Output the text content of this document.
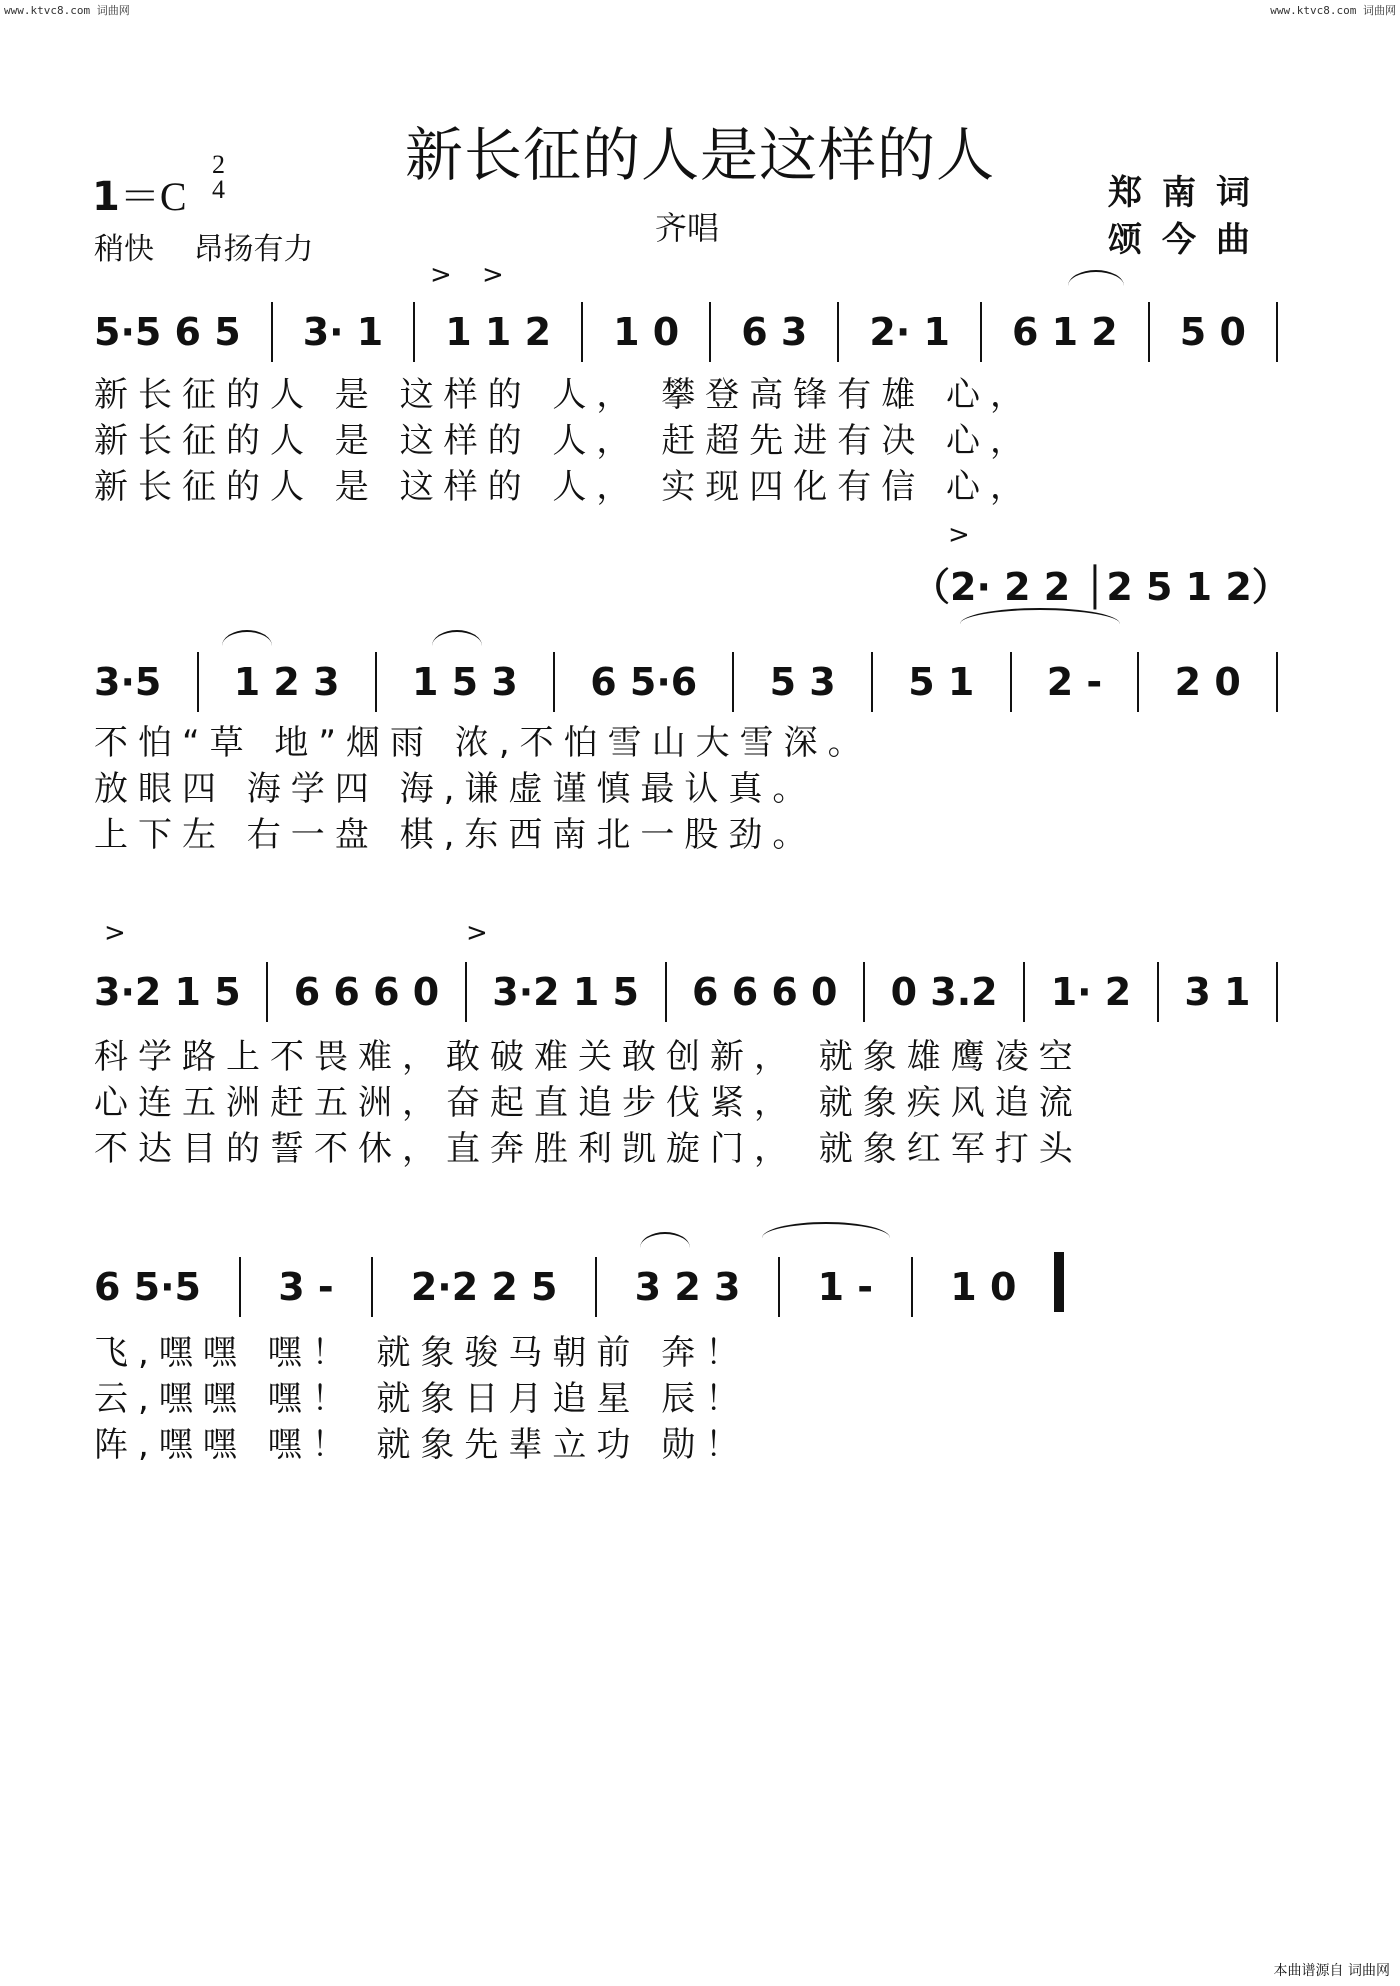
www.ktvc8.com 词曲网	www.ktvc8.com 词曲网
新长征的人是这样的人
1＝C
2
4
稍快 昂扬有力
齐唱
郑南词
颂今曲
5·5 6 5 3· 1 1 1 2 1 0 6 3 2· 1 6 1 2 5 0
> >
新长征的人 是 这样的 人， 攀登高锋有雄 心，
新长征的人 是 这样的 人， 赶超先进有决 心，
新长征的人 是 这样的 人， 实现四化有信 心，
（2· 2 2 │2 5 1 2）
>
3·5 1 2 3 1 5 3 6 5·6 5 3 5 1 2 - 2 0
不怕“草 地”烟雨 浓,不怕雪山大雪深。
放眼四 海学四 海,谦虚谨慎最认真。
上下左 右一盘 棋,东西南北一股劲。
>	>
3·2 1 5 6 6 6 0 3·2 1 5 6 6 6 0 0 3.2 1· 2 3 1
科学路上不畏难，敢破难关敢创新， 就象雄鹰凌空
心连五洲赶五洲，奋起直追步伐紧， 就象疾风追流
不达目的誓不休，直奔胜利凯旋门， 就象红军打头
6 5·5 3 - 2·2 2 5 3 2 3 1 - 1 0
飞,嘿嘿 嘿！ 就象骏马朝前 奔！
云,嘿嘿 嘿！ 就象日月追星 辰！
阵,嘿嘿 嘿！ 就象先辈立功 勋！
本曲谱源自 词曲网
